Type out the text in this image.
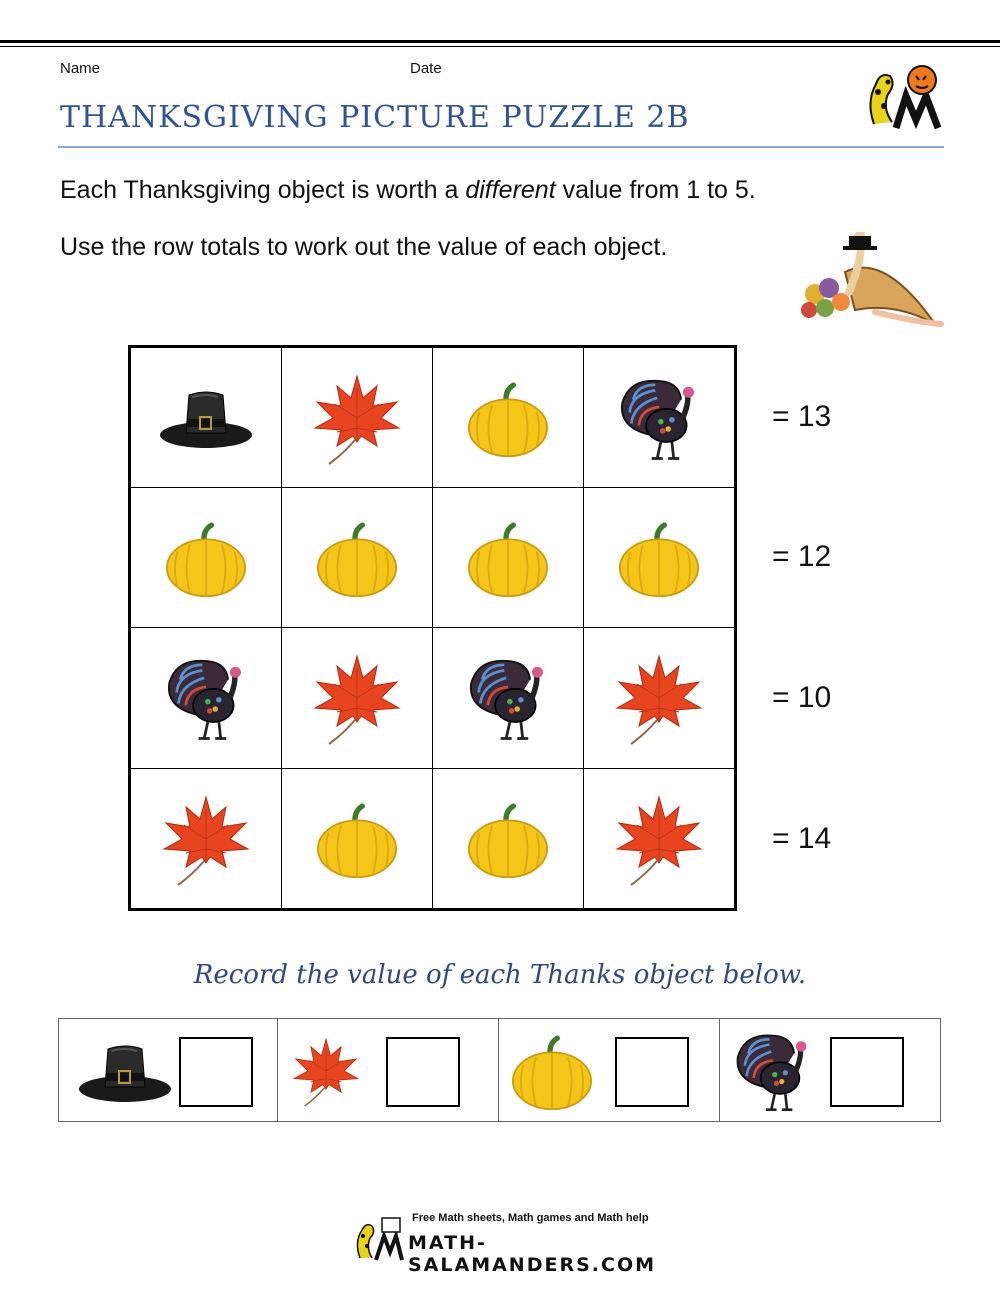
Name	Date
THANKSGIVING PICTURE PUZZLE 2B
Each Thanksgiving object is worth a different value from 1 to 5.
Use the row totals to work out the value of each object.
= 13
= 12
= 10
= 14
Record the value of each Thanks object below.
Free Math sheets, Math games and Math help
MATH-SALAMANDERS.COM
